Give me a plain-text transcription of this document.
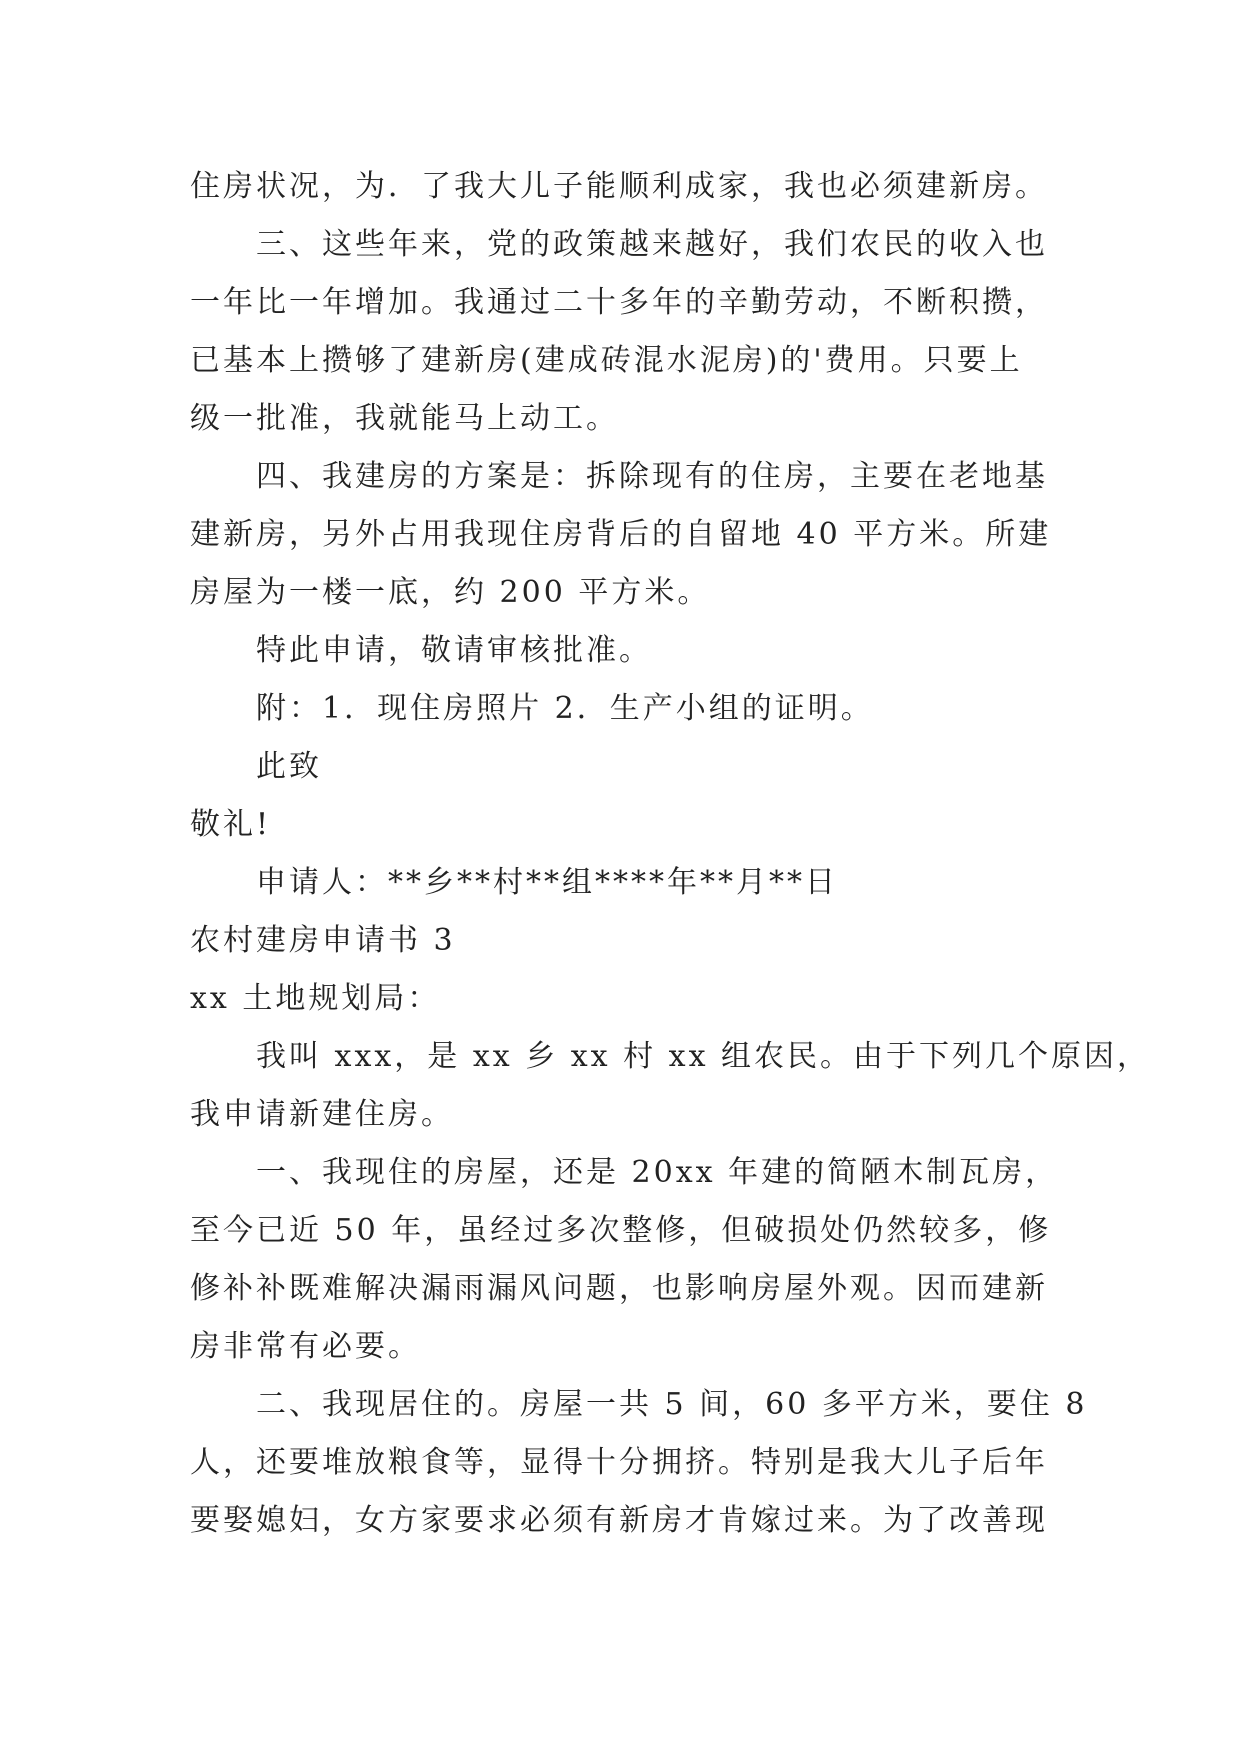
住房状况，为．了我大儿子能顺利成家，我也必须建新房。

三、这些年来，党的政策越来越好，我们农民的收入也

一年比一年增加。我通过二十多年的辛勤劳动，不断积攒，

已基本上攒够了建新房(建成砖混水泥房)的'费用。只要上

级一批准，我就能马上动工。

四、我建房的方案是：拆除现有的住房，主要在老地基

建新房，另外占用我现住房背后的自留地 40 平方米。所建

房屋为一楼一底，约 200 平方米。

特此申请，敬请审核批准。

附：1．现住房照片 2．生产小组的证明。

此致

敬礼!

申请人：**乡**村**组****年**月**日

农村建房申请书 3

xx 土地规划局：

我叫 xxx，是 xx 乡 xx 村 xx 组农民。由于下列几个原因，

我申请新建住房。

一、我现住的房屋，还是 20xx 年建的简陋木制瓦房，

至今已近 50 年，虽经过多次整修，但破损处仍然较多，修

修补补既难解决漏雨漏风问题，也影响房屋外观。因而建新

房非常有必要。

二、我现居住的。房屋一共 5 间，60 多平方米，要住 8

人，还要堆放粮食等，显得十分拥挤。特别是我大儿子后年

要娶媳妇，女方家要求必须有新房才肯嫁过来。为了改善现
